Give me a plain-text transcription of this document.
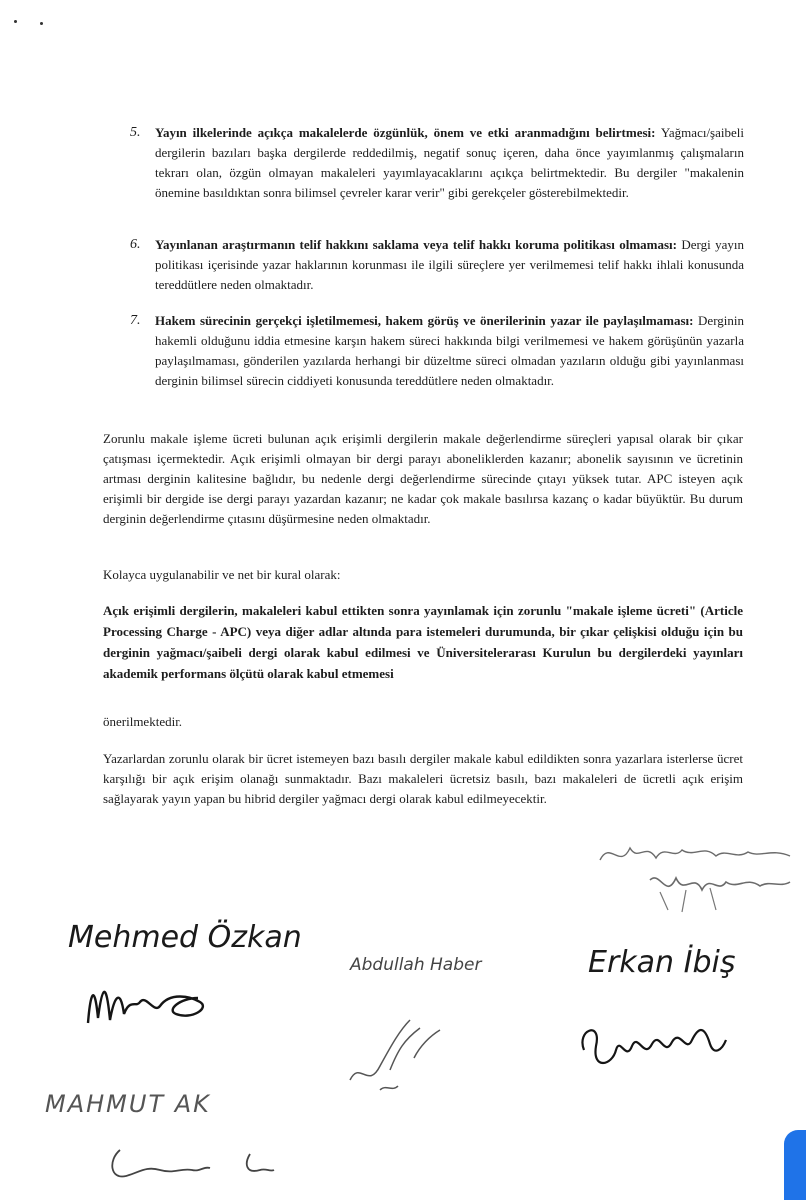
5.	Yayın ilkelerinde açıkça makalelerde özgünlük, önem ve etki aranmadığını belirtmesi: Yağmacı/şaibeli dergilerin bazıları başka dergilerde reddedilmiş, negatif sonuç içeren, daha önce yayımlanmış çalışmaların tekrarı olan, özgün olmayan makaleleri yayımlayacaklarını açıkça belirtmektedir. Bu dergiler "makalenin önemine basıldıktan sonra bilimsel çevreler karar verir" gibi gerekçeler gösterebilmektedir.
6.	Yayınlanan araştırmanın telif hakkını saklama veya telif hakkı koruma politikası olmaması: Dergi yayın politikası içerisinde yazar haklarının korunması ile ilgili süreçlere yer verilmemesi telif hakkı ihlali konusunda tereddütlere neden olmaktadır.
7.	Hakem sürecinin gerçekçi işletilmemesi, hakem görüş ve önerilerinin yazar ile paylaşılmaması: Derginin hakemli olduğunu iddia etmesine karşın hakem süreci hakkında bilgi verilmemesi ve hakem görüşünün yazarla paylaşılmaması, gönderilen yazılarda herhangi bir düzeltme süreci olmadan yazıların olduğu gibi yayınlanması derginin bilimsel sürecin ciddiyeti konusunda tereddütlere neden olmaktadır.
Zorunlu makale işleme ücreti bulunan açık erişimli dergilerin makale değerlendirme süreçleri yapısal olarak bir çıkar çatışması içermektedir. Açık erişimli olmayan bir dergi parayı aboneliklerden kazanır; abonelik sayısının ve ücretinin artması derginin kalitesine bağlıdır, bu nedenle dergi değerlendirme sürecinde çıtayı yüksek tutar. APC isteyen açık erişimli bir dergide ise dergi parayı yazardan kazanır; ne kadar çok makale basılırsa kazanç o kadar büyüktür. Bu durum derginin değerlendirme çıtasını düşürmesine neden olmaktadır.
Kolayca uygulanabilir ve net bir kural olarak:
Açık erişimli dergilerin, makaleleri kabul ettikten sonra yayınlamak için zorunlu "makale işleme ücreti" (Article Processing Charge - APC) veya diğer adlar altında para istemeleri durumunda, bir çıkar çelişkisi olduğu için bu derginin yağmacı/şaibeli dergi olarak kabul edilmesi ve Üniversitelerarası Kurulun bu dergilerdeki yayınları akademik performans ölçütü olarak kabul etmemesi
önerilmektedir.
Yazarlardan zorunlu olarak bir ücret istemeyen bazı basılı dergiler makale kabul edildikten sonra yazarlara isterlerse ücret karşılığı bir açık erişim olanağı sunmaktadır. Bazı makaleleri ücretsiz basılı, bazı makaleleri de ücretli açık erişim sağlayarak yayın yapan bu hibrid dergiler yağmacı dergi olarak kabul edilmeyecektir.
Mehmed Özkan
Abdullah Haber	Erkan İbiş
MAHMUT AK
